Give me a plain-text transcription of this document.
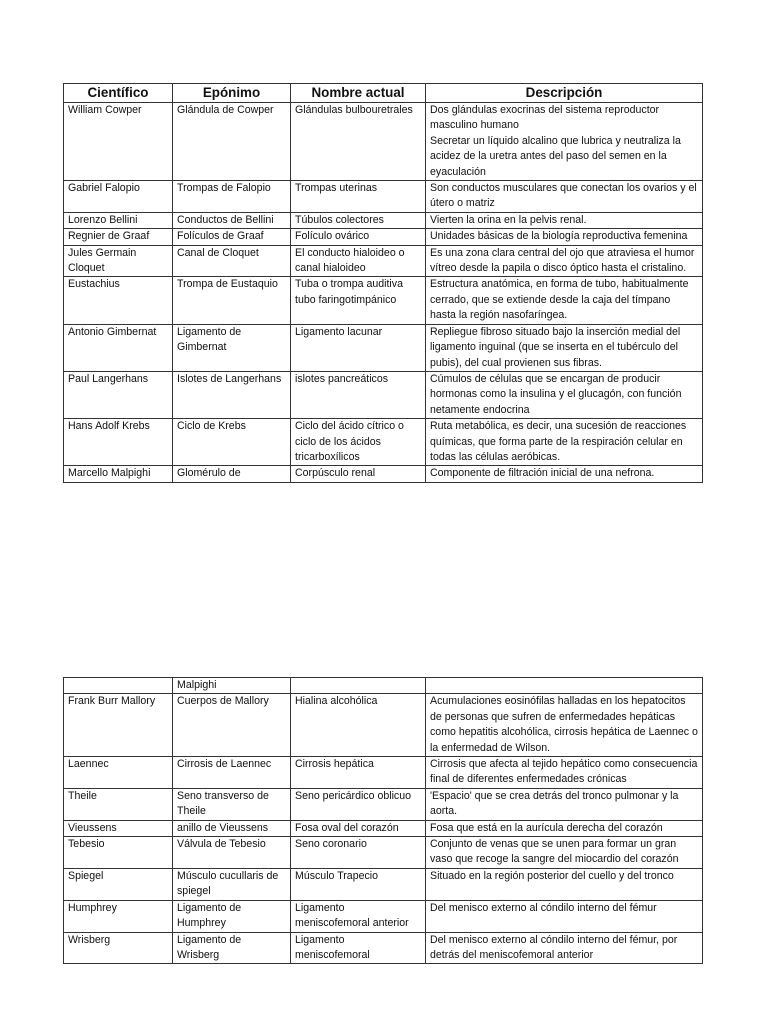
Científico	Epónimo	Nombre actual	Descripción
William Cowper	Glándula de Cowper	Glándulas bulbouretrales	Dos glándulas exocrinas del sistema reproductor masculino humano
Secretar un líquido alcalino que lubrica y neutraliza la acidez de la uretra antes del paso del semen en la eyaculación
Gabriel Falopio	Trompas de Falopio	Trompas uterinas	Son conductos musculares que conectan los ovarios y el útero o matriz
Lorenzo Bellini	Conductos de Bellini	Túbulos colectores	Vierten la orina en la pelvis renal.
Regnier de Graaf	Folículos de Graaf	Folículo ovárico	Unidades básicas de la biología reproductiva femenina
Jules Germain Cloquet	Canal de Cloquet	El conducto hialoideo o canal hialoideo	Es una zona clara central del ojo que atraviesa el humor vítreo desde la papila o disco óptico hasta el cristalino.
Eustachius	Trompa de Eustaquio	Tuba o trompa auditiva tubo faringotimpánico	Estructura anatómica, en forma de tubo, habitualmente cerrado, que se extiende desde la caja del tímpano hasta la región nasofaríngea.
Antonio Gimbernat	Ligamento de Gimbernat	Ligamento lacunar	Repliegue fibroso situado bajo la inserción medial del ligamento inguinal (que se inserta en el tubérculo del pubis), del cual provienen sus fibras.
Paul Langerhans	Islotes de Langerhans	islotes pancreáticos	Cúmulos de células que se encargan de producir hormonas como la insulina y el glucagón, con función netamente endocrina
Hans Adolf Krebs	Ciclo de Krebs	Ciclo del ácido cítrico o ciclo de los ácidos tricarboxílicos	Ruta metabólica, es decir, una sucesión de reacciones químicas, que forma parte de la respiración celular en todas las células aeróbicas.
Marcello Malpighi	Glomérulo de	Corpúsculo renal	Componente de filtración inicial de una nefrona.
	Malpighi		
Frank Burr Mallory	Cuerpos de Mallory	Hialina alcohólica	Acumulaciones eosinófilas halladas en los hepatocitos de personas que sufren de enfermedades hepáticas como hepatitis alcohólica, cirrosis hepática de Laennec o la enfermedad de Wilson.
Laennec	Cirrosis de Laennec	Cirrosis hepática	Cirrosis que afecta al tejido hepático como consecuencia final de diferentes enfermedades crónicas
Theile	Seno transverso de Theile	Seno pericárdico oblicuo	'Espacio' que se crea detrás del tronco pulmonar y la aorta.
Vieussens	anillo de Vieussens	Fosa oval del corazón	Fosa que está en la aurícula derecha del corazón
Tebesio	Válvula de Tebesio	Seno coronario	Conjunto de venas que se unen para formar un gran vaso que recoge la sangre del miocardio del corazón
Spiegel	Músculo cucullaris de spiegel	Músculo Trapecio	Situado en la región posterior del cuello y del tronco
Humphrey	Ligamento de Humphrey	Ligamento meniscofemoral anterior	Del menisco externo al cóndilo interno del fémur
Wrisberg	Ligamento de Wrisberg	Ligamento meniscofemoral	Del menisco externo al cóndilo interno del fémur, por detrás del meniscofemoral anterior
